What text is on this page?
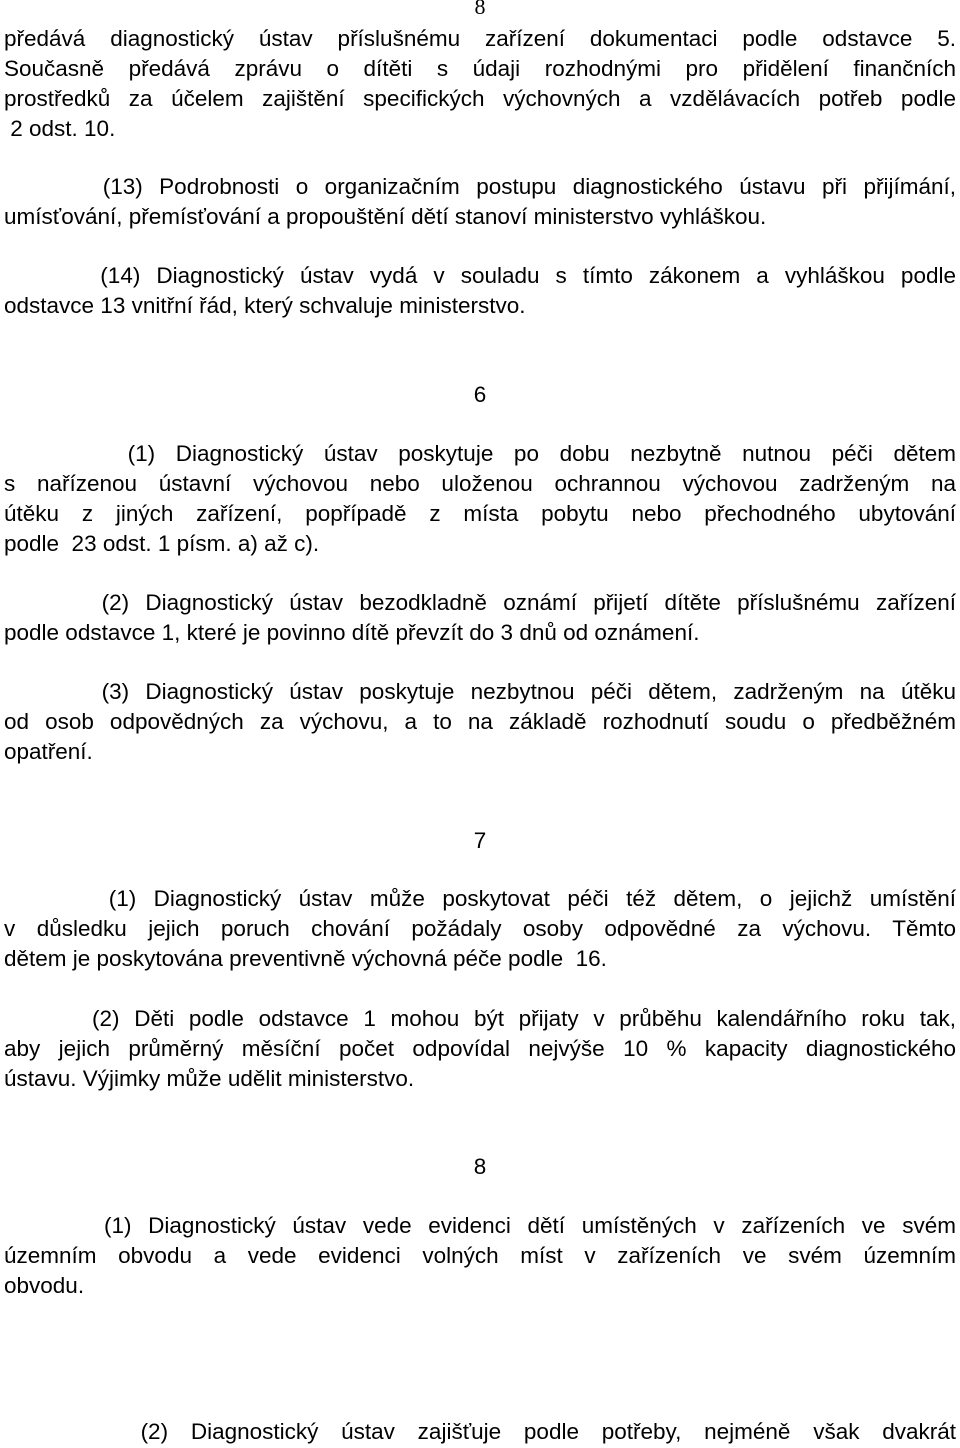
8
předává diagnostický ústav příslušnému zařízení dokumentaci podle odstavce 5.
Současně předává zprávu o dítěti s údaji rozhodnými pro přidělení finančních
prostředků za účelem zajištění specifických výchovných a vzdělávacích potřeb podle
2 odst. 10.
(13) Podrobnosti o organizačním postupu diagnostického ústavu při přijímání,
umísťování, přemísťování a propouštění dětí stanoví ministerstvo vyhláškou.
(14) Diagnostický ústav vydá v souladu s tímto zákonem a vyhláškou podle
odstavce 13 vnitřní řád, který schvaluje ministerstvo.
6
(1) Diagnostický ústav poskytuje po dobu nezbytně nutnou péči dětem
s nařízenou ústavní výchovou nebo uloženou ochrannou výchovou zadrženým na
útěku z jiných zařízení, popřípadě z místa pobytu nebo přechodného ubytování
podle  23 odst. 1 písm. a) až c).
(2) Diagnostický ústav bezodkladně oznámí přijetí dítěte příslušnému zařízení
podle odstavce 1, které je povinno dítě převzít do 3 dnů od oznámení.
(3) Diagnostický ústav poskytuje nezbytnou péči dětem, zadrženým na útěku
od osob odpovědných za výchovu, a to na základě rozhodnutí soudu o předběžném
opatření.
7
(1) Diagnostický ústav může poskytovat péči též dětem, o jejichž umístění
v důsledku jejich poruch chování požádaly osoby odpovědné za výchovu. Těmto
dětem je poskytována preventivně výchovná péče podle  16.
(2) Děti podle odstavce 1 mohou být přijaty v průběhu kalendářního roku tak,
aby jejich průměrný měsíční počet odpovídal nejvýše 10 % kapacity diagnostického
ústavu. Výjimky může udělit ministerstvo.
8
(1) Diagnostický ústav vede evidenci dětí umístěných v zařízeních ve svém
územním obvodu a vede evidenci volných míst v zařízeních ve svém územním
obvodu.
(2) Diagnostický ústav zajišťuje podle potřeby, nejméně však dvakrát
